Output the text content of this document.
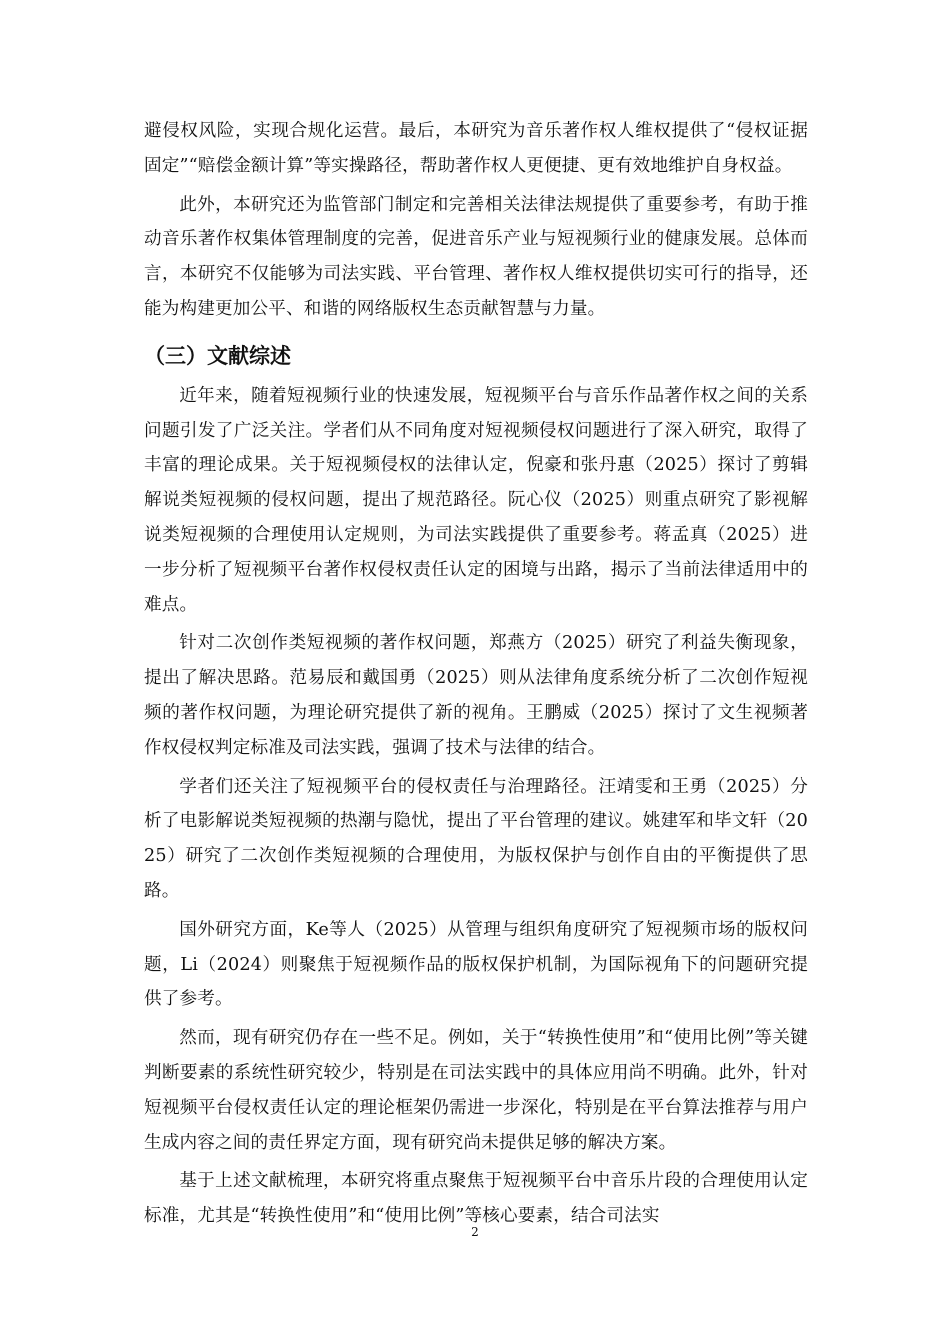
避侵权风险，实现合规化运营。最后，本研究为音乐著作权人维权提供了“侵权证据固定”“赔偿金额计算”等实操路径，帮助著作权人更便捷、更有效地维护自身权益。

此外，本研究还为监管部门制定和完善相关法律法规提供了重要参考，有助于推动音乐著作权集体管理制度的完善，促进音乐产业与短视频行业的健康发展。总体而言，本研究不仅能够为司法实践、平台管理、著作权人维权提供切实可行的指导，还能为构建更加公平、和谐的网络版权生态贡献智慧与力量。

（三）文献综述

近年来，随着短视频行业的快速发展，短视频平台与音乐作品著作权之间的关系问题引发了广泛关注。学者们从不同角度对短视频侵权问题进行了深入研究，取得了丰富的理论成果。关于短视频侵权的法律认定，倪豪和张丹惠（2025）探讨了剪辑解说类短视频的侵权问题，提出了规范路径。阮心仪（2025）则重点研究了影视解说类短视频的合理使用认定规则，为司法实践提供了重要参考。蒋孟真（2025）进一步分析了短视频平台著作权侵权责任认定的困境与出路，揭示了当前法律适用中的难点。

针对二次创作类短视频的著作权问题，郑燕方（2025）研究了利益失衡现象，提出了解决思路。范易辰和戴国勇（2025）则从法律角度系统分析了二次创作短视频的著作权问题，为理论研究提供了新的视角。王鹏威（2025）探讨了文生视频著作权侵权判定标准及司法实践，强调了技术与法律的结合。

学者们还关注了短视频平台的侵权责任与治理路径。汪靖雯和王勇（2025）分析了电影解说类短视频的热潮与隐忧，提出了平台管理的建议。姚建军和毕文轩（2025）研究了二次创作类短视频的合理使用，为版权保护与创作自由的平衡提供了思路。

国外研究方面，Ke等人（2025）从管理与组织角度研究了短视频市场的版权问题，Li（2024）则聚焦于短视频作品的版权保护机制，为国际视角下的问题研究提供了参考。

然而，现有研究仍存在一些不足。例如，关于“转换性使用”和“使用比例”等关键判断要素的系统性研究较少，特别是在司法实践中的具体应用尚不明确。此外，针对短视频平台侵权责任认定的理论框架仍需进一步深化，特别是在平台算法推荐与用户生成内容之间的责任界定方面，现有研究尚未提供足够的解决方案。

基于上述文献梳理，本研究将重点聚焦于短视频平台中音乐片段的合理使用认定标准，尤其是“转换性使用”和“使用比例”等核心要素，结合司法实

2
